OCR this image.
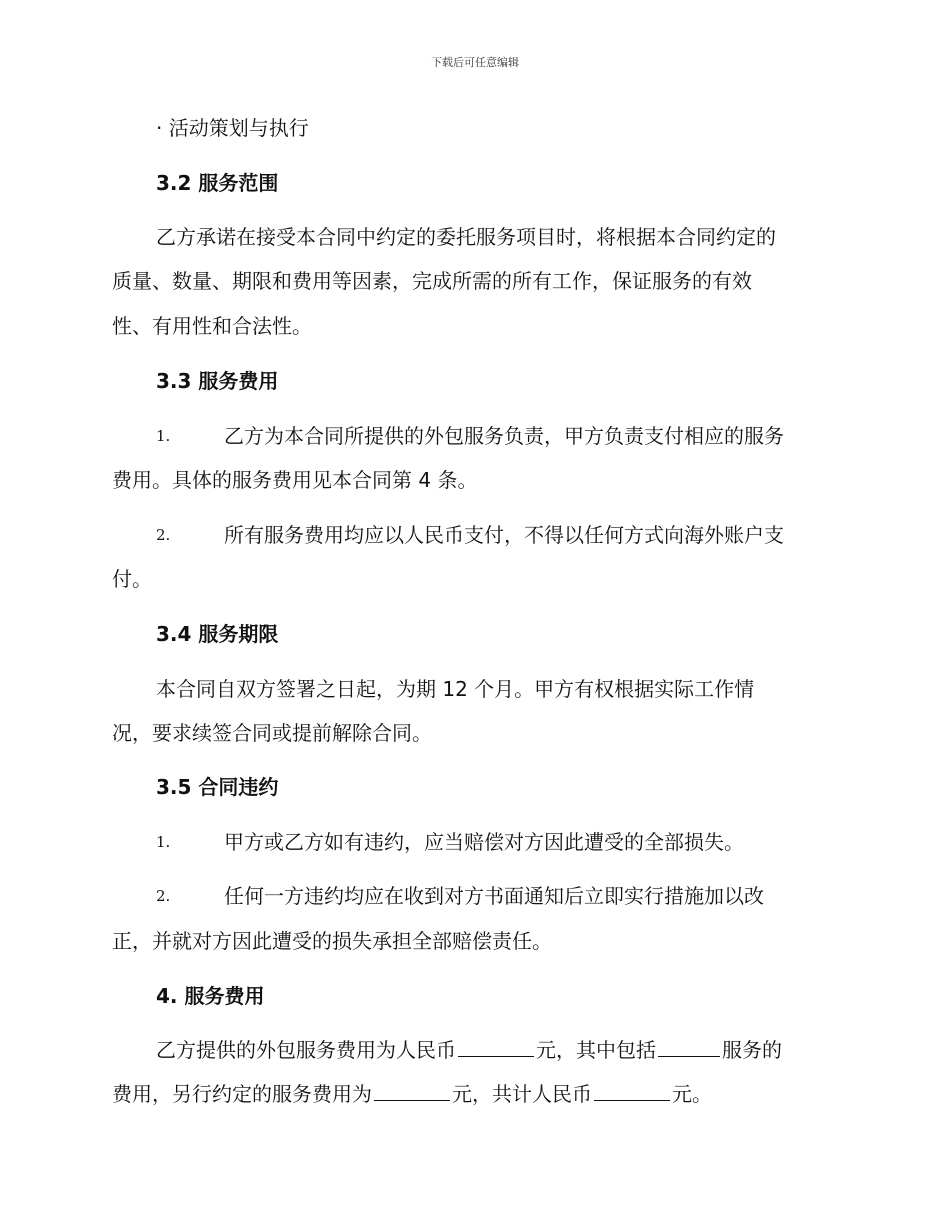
下载后可任意编辑
· 活动策划与执行
3.2 服务范围
乙方承诺在接受本合同中约定的委托服务项目时，将根据本合同约定的
质量、数量、期限和费用等因素，完成所需的所有工作，保证服务的有效
性、有用性和合法性。
3.3 服务费用
1.	乙方为本合同所提供的外包服务负责，甲方负责支付相应的服务
费用。具体的服务费用见本合同第 4 条。
2.	所有服务费用均应以人民币支付，不得以任何方式向海外账户支
付。
3.4 服务期限
本合同自双方签署之日起，为期 12 个月。甲方有权根据实际工作情
况，要求续签合同或提前解除合同。
3.5 合同违约
1.	甲方或乙方如有违约，应当赔偿对方因此遭受的全部损失。
2.	任何一方违约均应在收到对方书面通知后立即实行措施加以改
正，并就对方因此遭受的损失承担全部赔偿责任。
4. 服务费用
乙方提供的外包服务费用为人民币	元，其中包括	服务的
费用，另行约定的服务费用为	元，共计人民币	元。
